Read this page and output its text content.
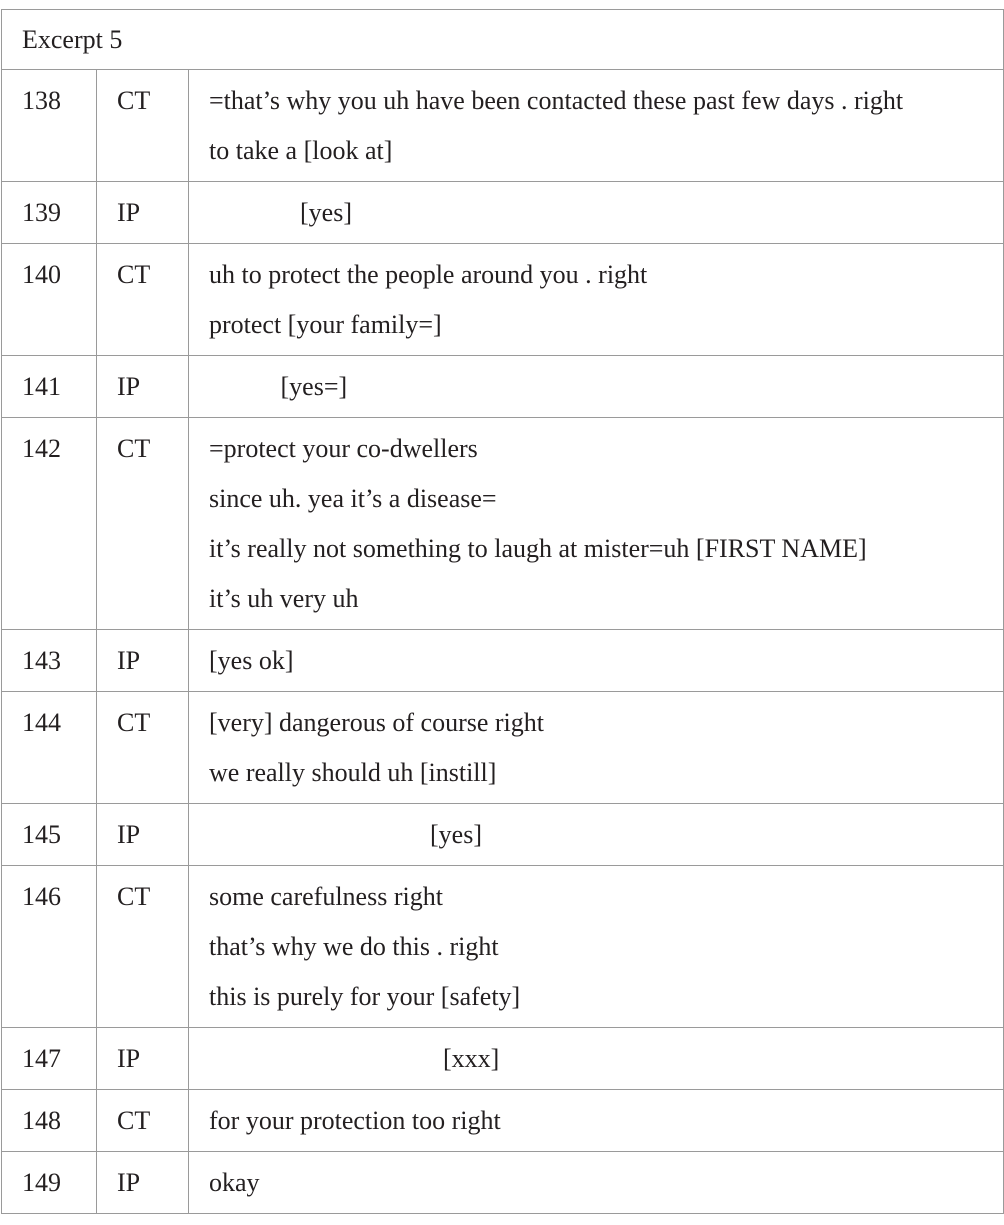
Excerpt 5		
138	CT	=that’s why you uh have been contacted these past few days . right
to take a [look at]

139	IP	[yes]

140	CT	uh to protect the people around you . right
protect [your family=]

141	IP	[yes=]

142	CT	=protect your co-dwellers
since uh. yea it’s a disease=
it’s really not something to laugh at mister=uh [FIRST NAME]
it’s uh very uh

143	IP	[yes ok]

144	CT	[very] dangerous of course right
we really should uh [instill]

145	IP	[yes]

146	CT	some carefulness right
that’s why we do this . right
this is purely for your [safety]

147	IP	[xxx]

148	CT	for your protection too right

149	IP	okay
